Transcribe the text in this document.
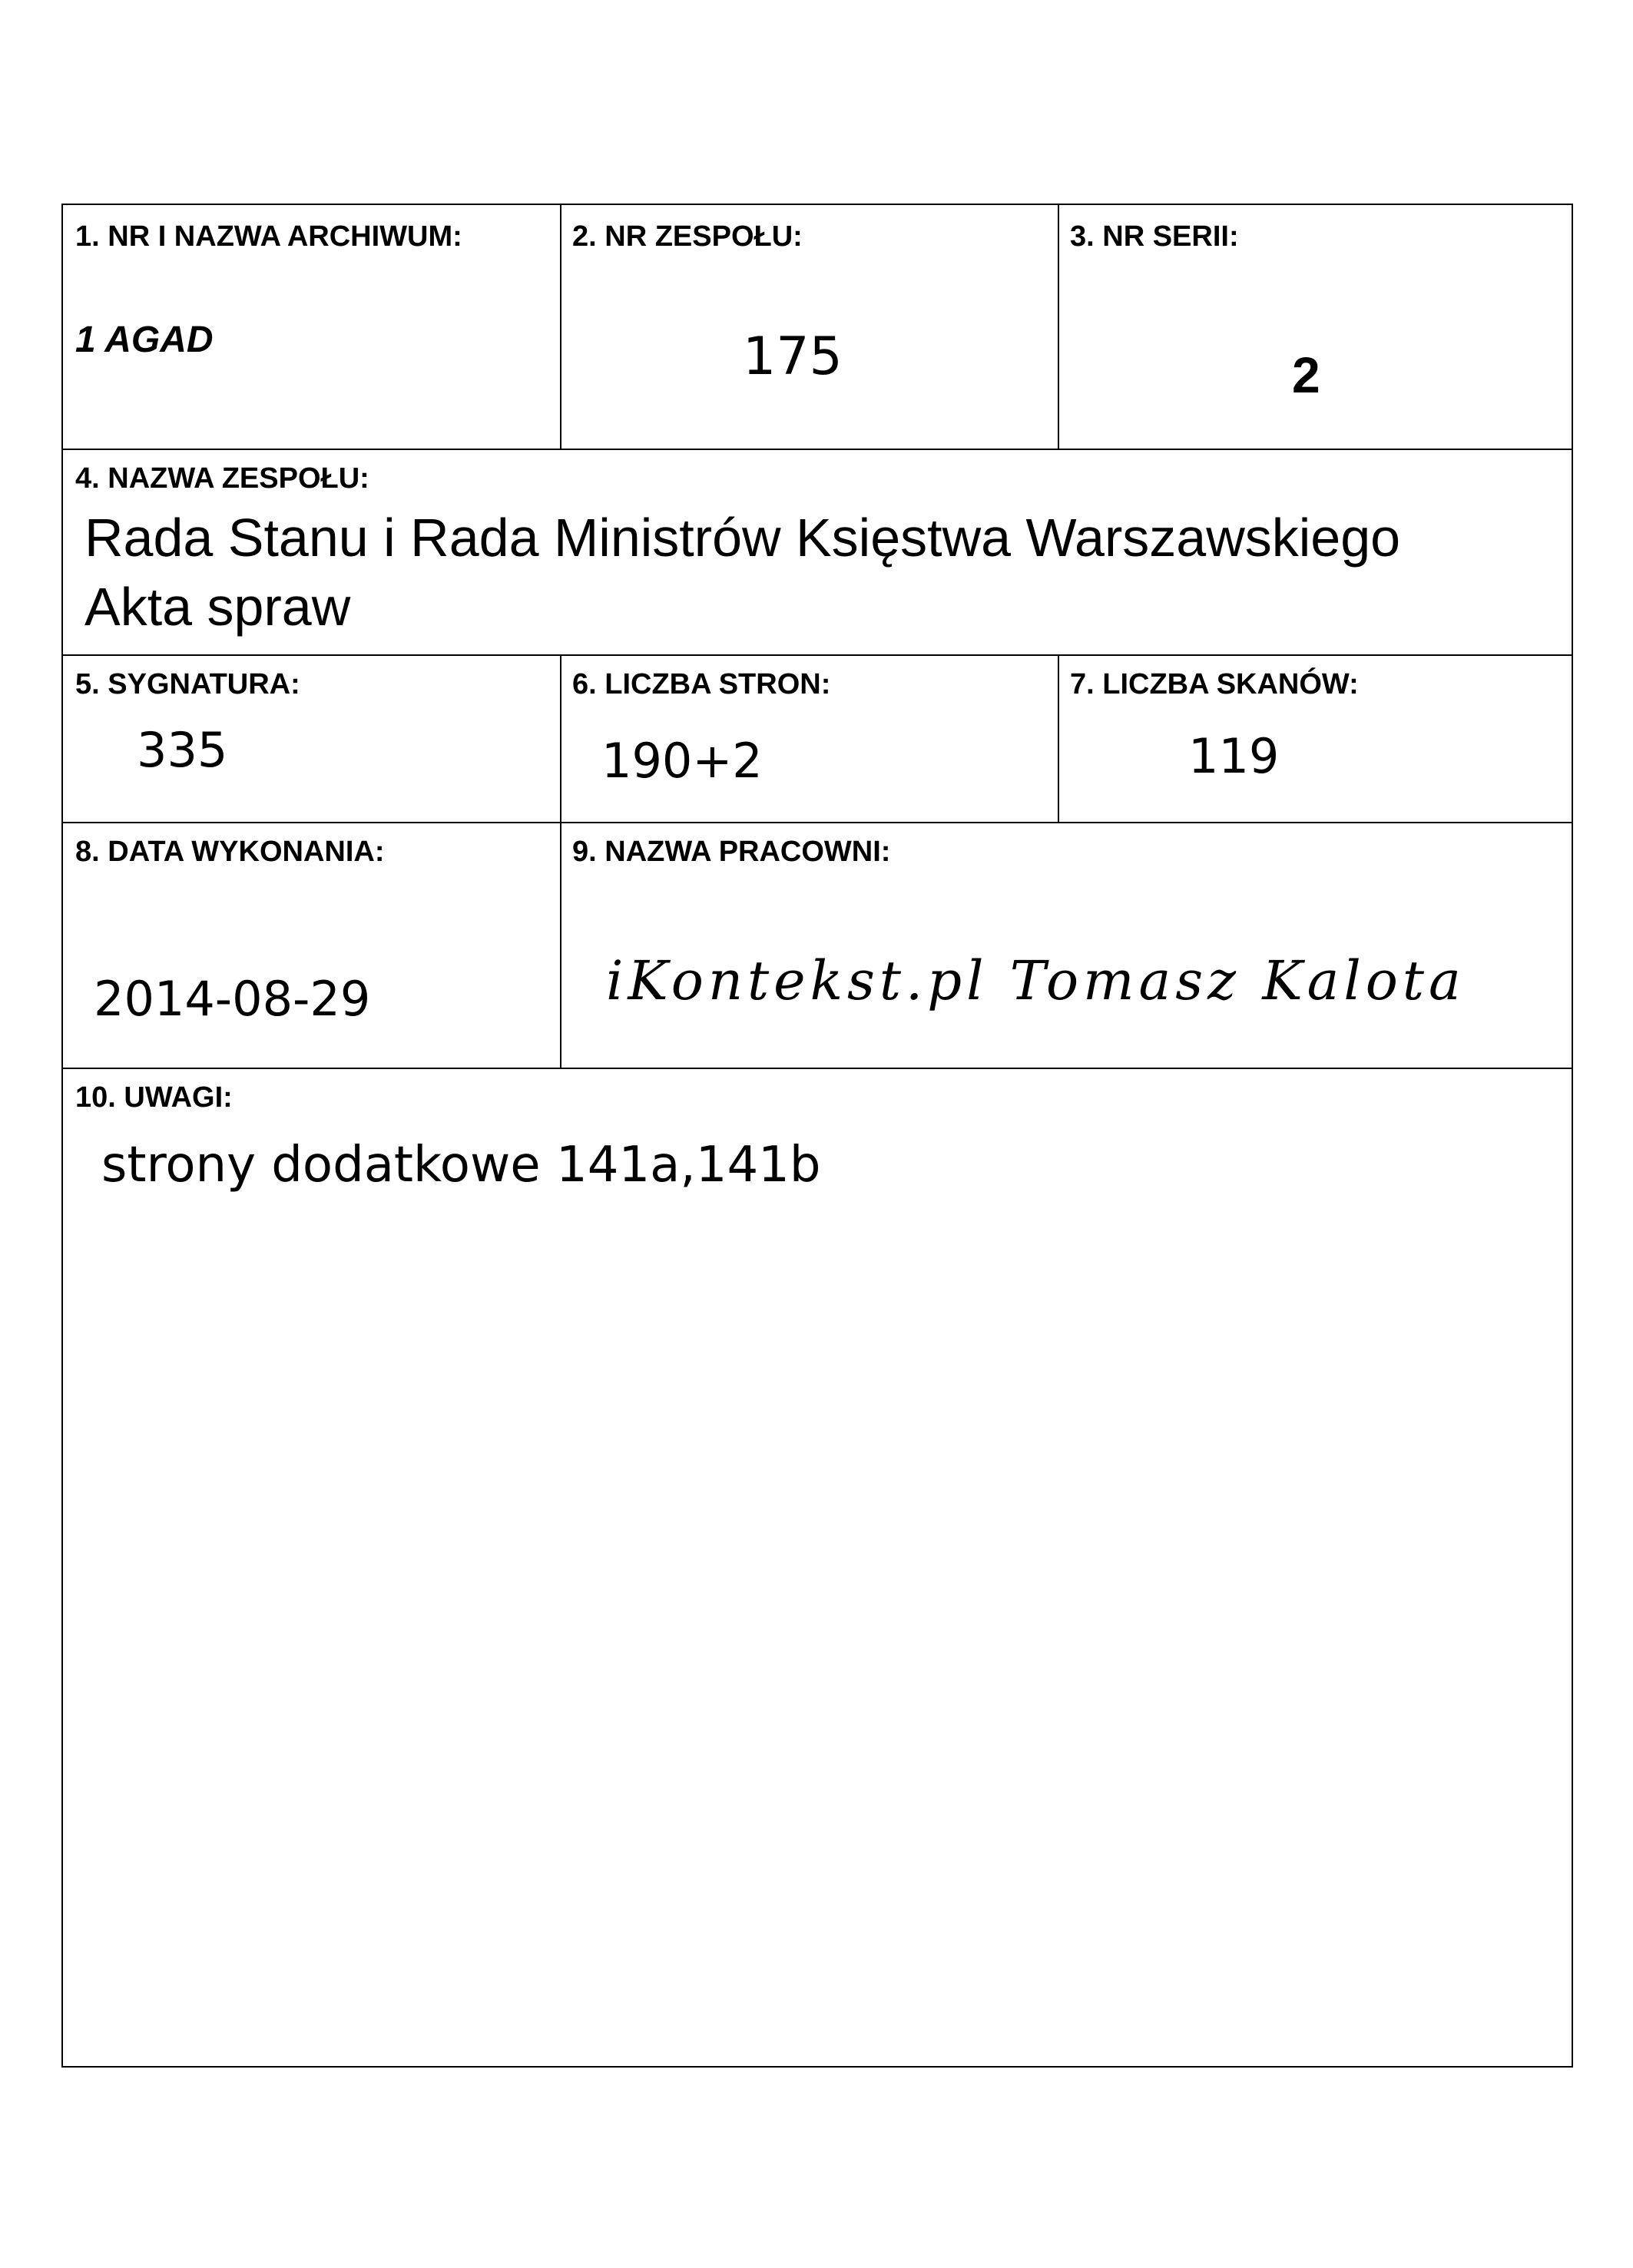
1. NR I NAZWA ARCHIWUM:
1 AGAD
2. NR ZESPOŁU:
175
3. NR SERII:
2
4. NAZWA ZESPOŁU:
Rada Stanu i Rada Ministrów Księstwa Warszawskiego
Akta spraw
5. SYGNATURA:
335
6. LICZBA STRON:
190+2
7. LICZBA SKANÓW:
119
8. DATA WYKONANIA:
2014-08-29
9. NAZWA PRACOWNI:
iKontekst.pl Tomasz Kalota
10. UWAGI:
strony dodatkowe 141a,141b
